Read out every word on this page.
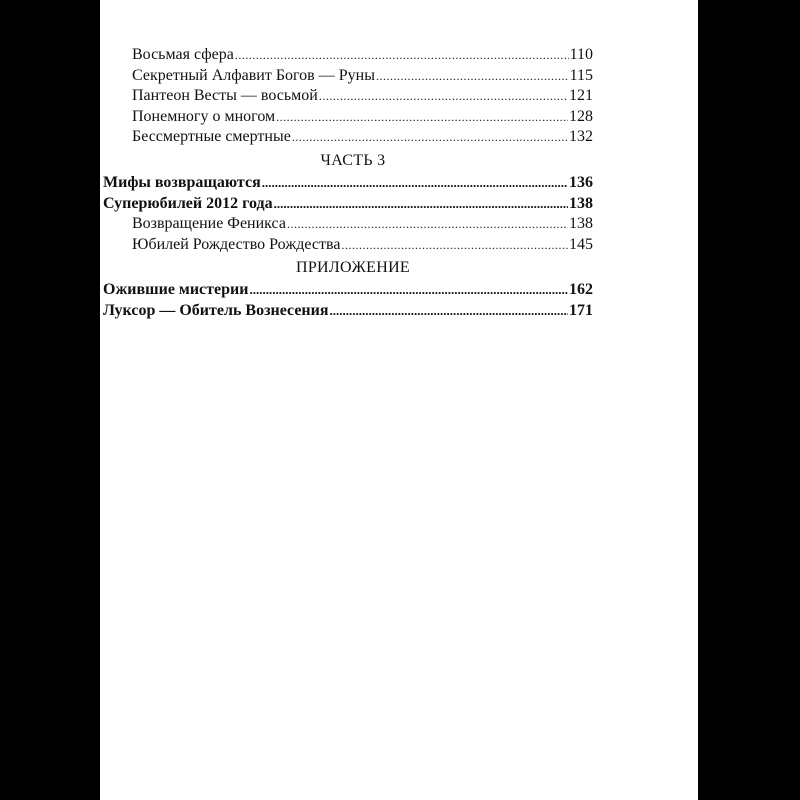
Восьмая сфера .....	110
Секретный Алфавит Богов — Руны .....	115
Пантеон Весты — восьмой .....	121
Понемногу о многом .....	128
Бессмертные смертные .....	132
ЧАСТЬ 3
Мифы возвращаются .....	136
Суперюбилей 2012 года .....	138
Возвращение Феникса .....	138
Юбилей Рождество Рождества .....	145
ПРИЛОЖЕНИЕ
Ожившие мистерии .....	162
Луксор — Обитель Вознесения .....	171
